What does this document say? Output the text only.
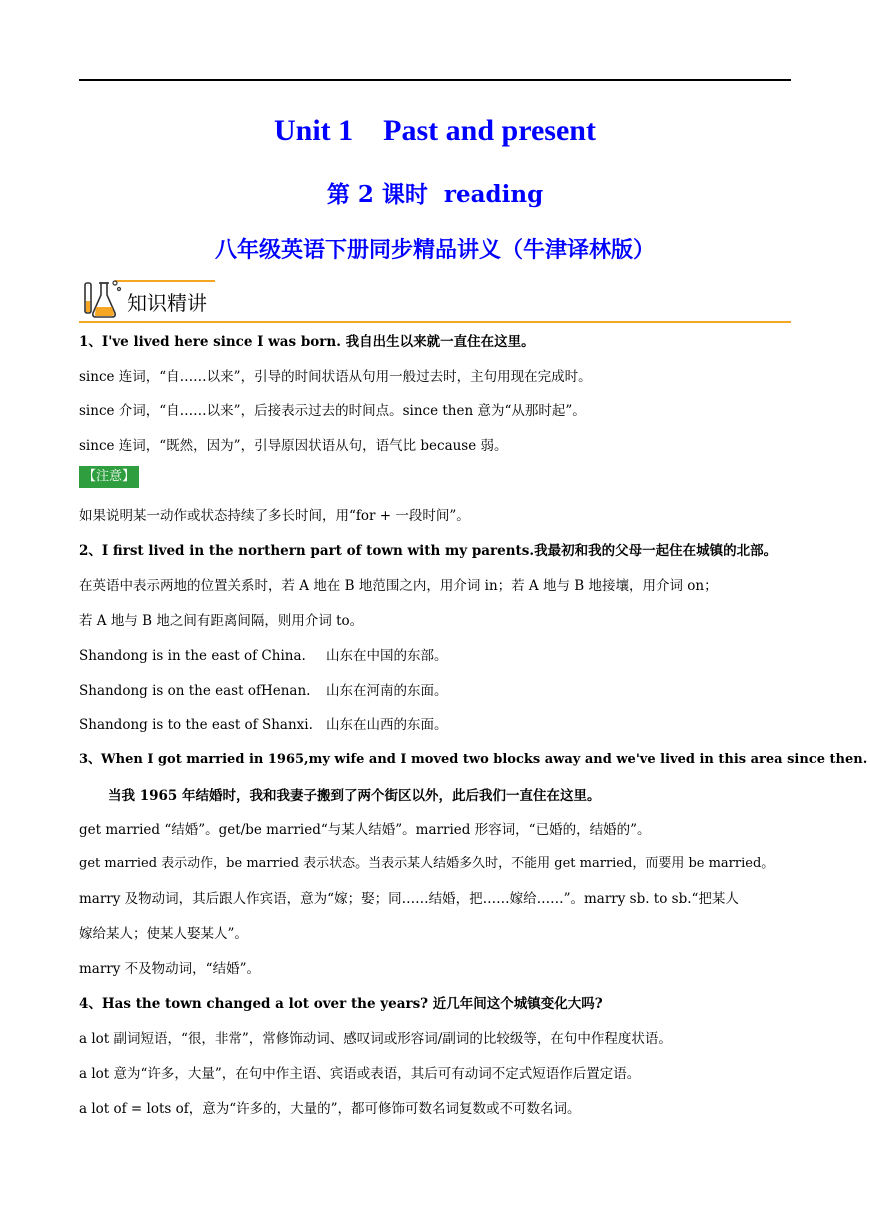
Unit 1    Past and present
第 2 课时  reading
八年级英语下册同步精品讲义（牛津译林版）
知识精讲
1、I've lived here since I was born. 我自出生以来就一直住在这里。
since 连词，“自……以来”，引导的时间状语从句用一般过去时，主句用现在完成时。
since 介词，“自……以来”，后接表示过去的时间点。since then 意为“从那时起”。
since 连词，“既然，因为”，引导原因状语从句，语气比 because 弱。
【注意】
如果说明某一动作或状态持续了多长时间，用“for + 一段时间”。
2、I first lived in the northern part of town with my parents.我最初和我的父母一起住在城镇的北部。
在英语中表示两地的位置关系时，若 A 地在 B 地范围之内，用介词 in；若 A 地与 B 地接壤，用介词 on；
若 A 地与 B 地之间有距离间隔，则用介词 to。
Shandong is in the east of China. 山东在中国的东部。
Shandong is on the east ofHenan. 山东在河南的东面。
Shandong is to the east of Shanxi. 山东在山西的东面。
3、When I got married in 1965,my wife and I moved two blocks away and we've lived in this area since then.
当我 1965 年结婚时，我和我妻子搬到了两个街区以外，此后我们一直住在这里。
get married “结婚”。get/be married“与某人结婚”。married 形容词，“已婚的，结婚的”。
get married 表示动作，be married 表示状态。当表示某人结婚多久时，不能用 get married，而要用 be married。
marry 及物动词，其后跟人作宾语，意为“嫁；娶；同……结婚，把……嫁给……”。marry sb. to sb.“把某人
嫁给某人；使某人娶某人”。
marry 不及物动词，“结婚”。
4、Has the town changed a lot over the years? 近几年间这个城镇变化大吗?
a lot 副词短语，“很，非常”，常修饰动词、感叹词或形容词/副词的比较级等，在句中作程度状语。
a lot 意为“许多，大量”，在句中作主语、宾语或表语，其后可有动词不定式短语作后置定语。
a lot of = lots of，意为“许多的，大量的”，都可修饰可数名词复数或不可数名词。
